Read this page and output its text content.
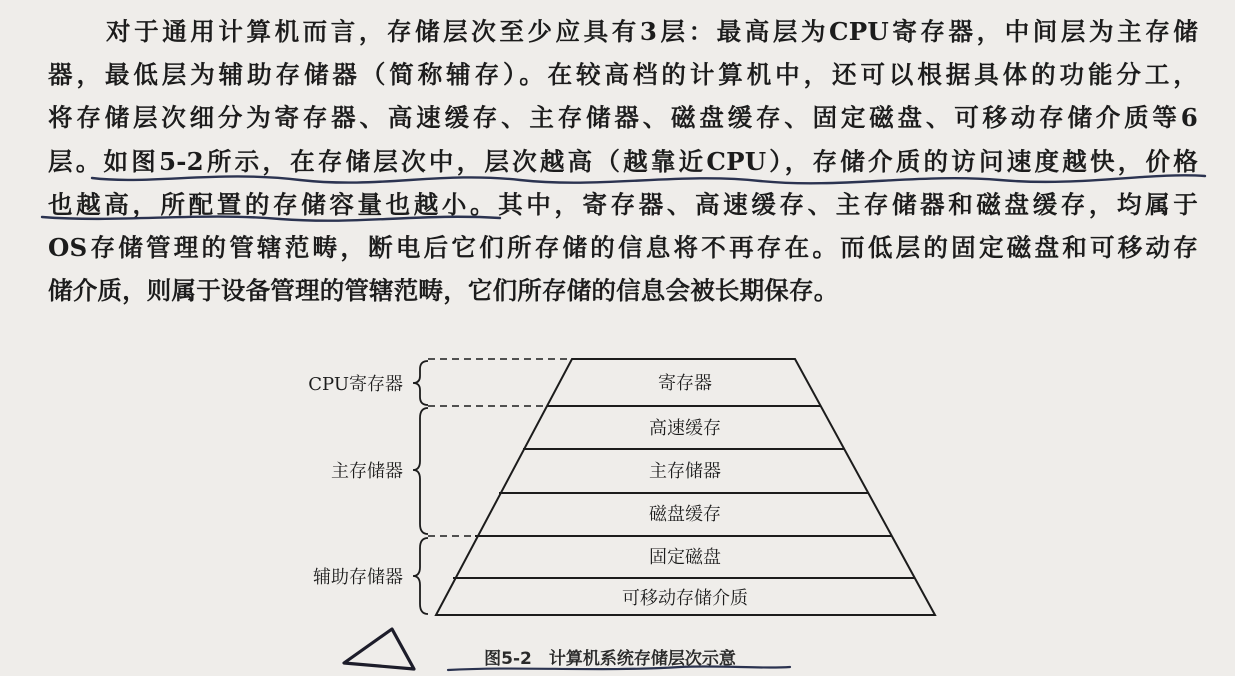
对于通用计算机而言，存储层次至少应具有3层：最高层为CPU寄存器，中间层为主存储
器，最低层为辅助存储器（简称辅存）。在较高档的计算机中，还可以根据具体的功能分工，
将存储层次细分为寄存器、高速缓存、主存储器、磁盘缓存、固定磁盘、可移动存储介质等6
层。如图5-2所示，在存储层次中，层次越高（越靠近CPU），存储介质的访问速度越快，价格
也越高，所配置的存储容量也越小。其中，寄存器、高速缓存、主存储器和磁盘缓存，均属于
OS存储管理的管辖范畴，断电后它们所存储的信息将不再存在。而低层的固定磁盘和可移动存
储介质，则属于设备管理的管辖范畴，它们所存储的信息会被长期保存。
寄存器
高速缓存
主存储器
磁盘缓存
固定磁盘
可移动存储介质
CPU寄存器
主存储器
辅助存储器
图5-2　计算机系统存储层次示意
